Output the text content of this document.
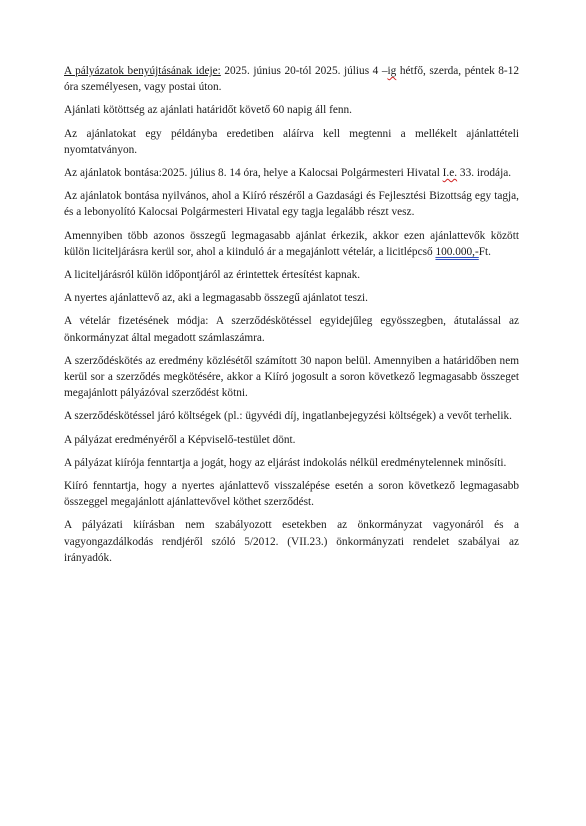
A pályázatok benyújtásának ideje: 2025. június 20-tól 2025. július 4 –ig hétfő, szerda, péntek 8-12 óra személyesen, vagy postai úton.

Ajánlati kötöttség az ajánlati határidőt követő 60 napig áll fenn.

Az ajánlatokat egy példányba eredetiben aláírva kell megtenni a mellékelt ajánlattételi nyomtatványon.

Az ajánlatok bontása:2025. július 8. 14 óra, helye a Kalocsai Polgármesteri Hivatal I.e. 33. irodája.

Az ajánlatok bontása nyilvános, ahol a Kiíró részéről a Gazdasági és Fejlesztési Bizottság egy tagja, és a lebonyolító Kalocsai Polgármesteri Hivatal egy tagja legalább részt vesz.

Amennyiben több azonos összegű legmagasabb ajánlat érkezik, akkor ezen ajánlattevők között külön liciteljárásra kerül sor, ahol a kiinduló ár a megajánlott vételár, a licitlépcső 100.000,-Ft.

A liciteljárásról külön időpontjáról az érintettek értesítést kapnak.

A nyertes ajánlattevő az, aki a legmagasabb összegű ajánlatot teszi.

A vételár fizetésének módja: A szerződéskötéssel egyidejűleg egyösszegben, átutalással az önkormányzat által megadott számlaszámra.

A szerződéskötés az eredmény közlésétől számított 30 napon belül. Amennyiben a határidőben nem kerül sor a szerződés megkötésére, akkor a Kiíró jogosult a soron következő legmagasabb összeget megajánlott pályázóval szerződést kötni.

A szerződéskötéssel járó költségek (pl.: ügyvédi díj, ingatlanbejegyzési költségek) a vevőt terhelik.

A pályázat eredményéről a Képviselő-testület dönt.

A pályázat kiírója fenntartja a jogát, hogy az eljárást indokolás nélkül eredménytelennek minősíti.

Kiíró fenntartja, hogy a nyertes ajánlattevő visszalépése esetén a soron következő legmagasabb összeggel megajánlott ajánlattevővel köthet szerződést.

A pályázati kiírásban nem szabályozott esetekben az önkormányzat vagyonáról és a vagyongazdálkodás rendjéről szóló 5/2012. (VII.23.) önkormányzati rendelet szabályai az irányadók.
